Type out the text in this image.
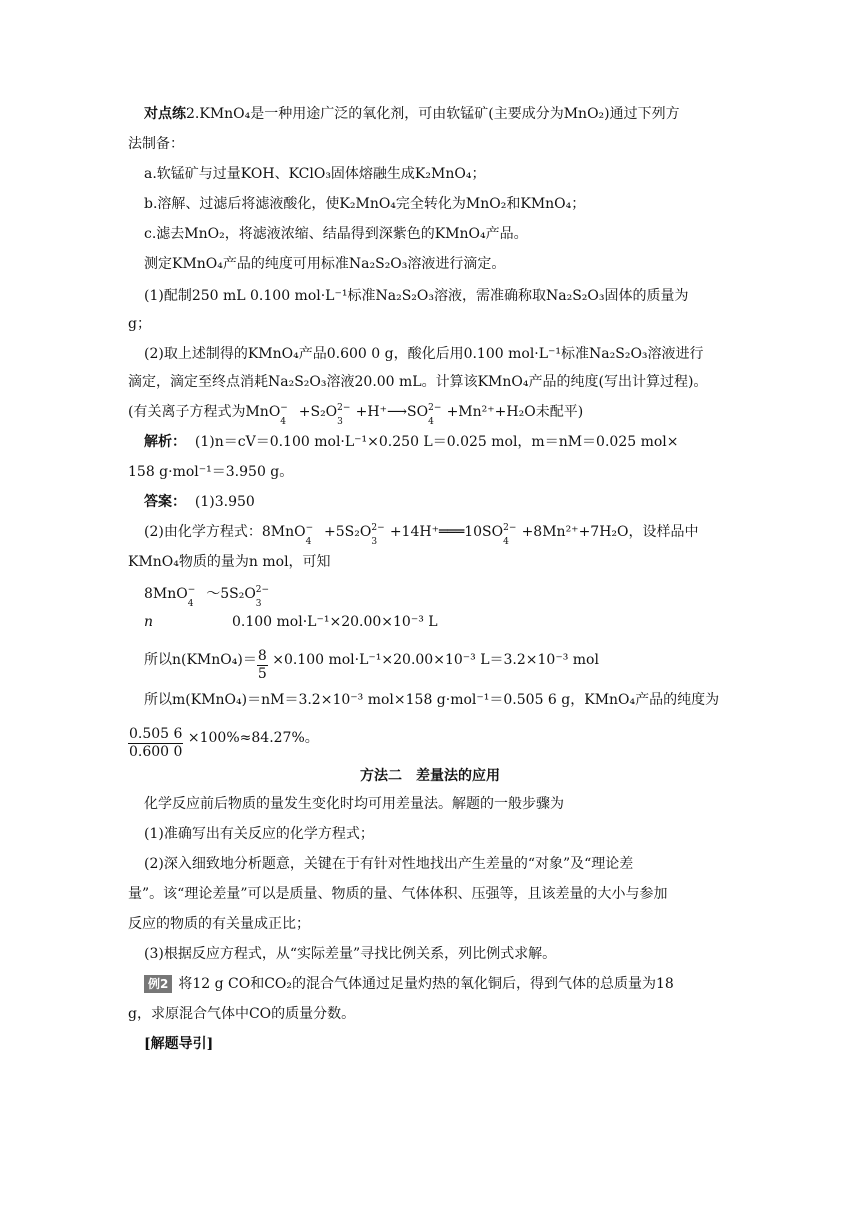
对点练2.KMnO₄是一种用途广泛的氧化剂，可由软锰矿(主要成分为MnO₂)通过下列方
法制备：
a.软锰矿与过量KOH、KClO₃固体熔融生成K₂MnO₄；
b.溶解、过滤后将滤液酸化，使K₂MnO₄完全转化为MnO₂和KMnO₄；
c.滤去MnO₂，将滤液浓缩、结晶得到深紫色的KMnO₄产品。
测定KMnO₄产品的纯度可用标准Na₂S₂O₃溶液进行滴定。
(1)配制250 mL 0.100 mol·L⁻¹标准Na₂S₂O₃溶液，需准确称取Na₂S₂O₃固体的质量为
g；
(2)取上述制得的KMnO₄产品0.600 0 g，酸化后用0.100 mol·L⁻¹标准Na₂S₂O₃溶液进行
滴定，滴定至终点消耗Na₂S₂O₃溶液20.00 mL。计算该KMnO₄产品的纯度(写出计算过程)。
(有关离子方程式为MnO −
4
+S₂O 2−
3
+H⁺⟶SO 2−
4
+Mn²⁺+H₂O未配平)
解析： (1)n＝cV＝0.100 mol·L⁻¹×0.250 L＝0.025 mol，m＝nM＝0.025 mol×
158 g·mol⁻¹＝3.950 g。
答案： (1)3.950
(2)由化学方程式：8MnO −
4
+5S₂O 2−
3
+14H⁺═══10SO 2−
4
+8Mn²⁺+7H₂O，设样品中
KMnO₄物质的量为n mol，可知
8MnO −
4
～5S₂O 2−
3
n	0.100 mol·L⁻¹×20.00×10⁻³ L
所以n(KMnO₄)＝ $\frac{8}{5} \times 0.100$ mol·L⁻¹×20.00×10⁻³ L＝3.2×10⁻³ mol
所以m(KMnO₄)＝nM＝3.2×10⁻³ mol×158 g·mol⁻¹＝0.505 6 g，KMnO₄产品的纯度为
$\frac{0.505 6}{0.600 0} \times 100\%\approx 84.27\%$。
方法二　差量法的应用
化学反应前后物质的量发生变化时均可用差量法。解题的一般步骤为
(1)准确写出有关反应的化学方程式；
(2)深入细致地分析题意，关键在于有针对性地找出产生差量的“对象”及“理论差
量”。该“理论差量”可以是质量、物质的量、气体体积、压强等，且该差量的大小与参加
反应的物质的有关量成正比；
(3)根据反应方程式，从“实际差量”寻找比例关系，列比例式求解。
例2 将12 g CO和CO₂的混合气体通过足量灼热的氧化铜后，得到气体的总质量为18
g，求原混合气体中CO的质量分数。
[解题导引]
